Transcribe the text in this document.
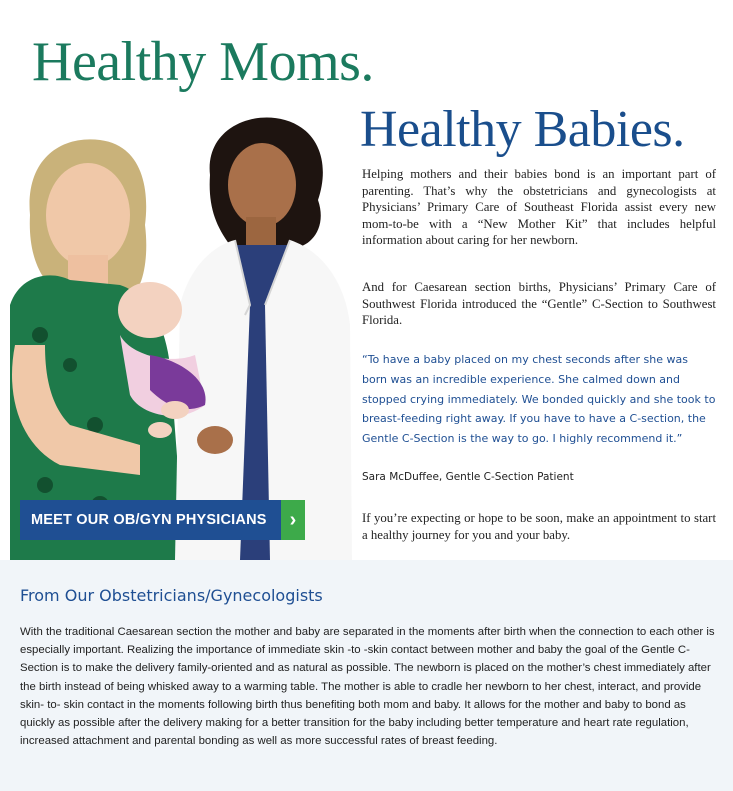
Healthy Moms.
Healthy Babies.
MEET OUR OB/GYN PHYSICIANS	›
Helping mothers and their babies bond is an important part of parenting. That’s why the obstetricians and gynecologists at Physicians’ Primary Care of Southeast Florida assist every new mom-to-be with a “New Mother Kit” that includes helpful information about caring for her newborn.
And for Caesarean section births, Physicians’ Primary Care of Southwest Florida introduced the “Gentle” C-Section to Southwest Florida.
“To have a baby placed on my chest seconds after she was born was an incredible experience. She calmed down and stopped crying immediately. We bonded quickly and she took to breast-feeding right away. If you have to have a C-section, the Gentle C-Section is the way to go. I highly recommend it.”
Sara McDuffee, Gentle C-Section Patient
If you’re expecting or hope to be soon, make an appointment to start a healthy journey for you and your baby.
From Our Obstetricians/Gynecologists
With the traditional Caesarean section the mother and baby are separated in the moments after birth when the connection to each other is especially important. Realizing the importance of immediate skin -to -skin contact between mother and baby the goal of the Gentle C-Section is to make the delivery family-oriented and as natural as possible. The newborn is placed on the mother’s chest immediately after the birth instead of being whisked away to a warming table. The mother is able to cradle her newborn to her chest, interact, and provide skin- to- skin contact in the moments following birth thus benefiting both mom and baby. It allows for the mother and baby to bond as quickly as possible after the delivery making for a better transition for the baby including better temperature and heart rate regulation, increased attachment and parental bonding as well as more successful rates of breast feeding.
